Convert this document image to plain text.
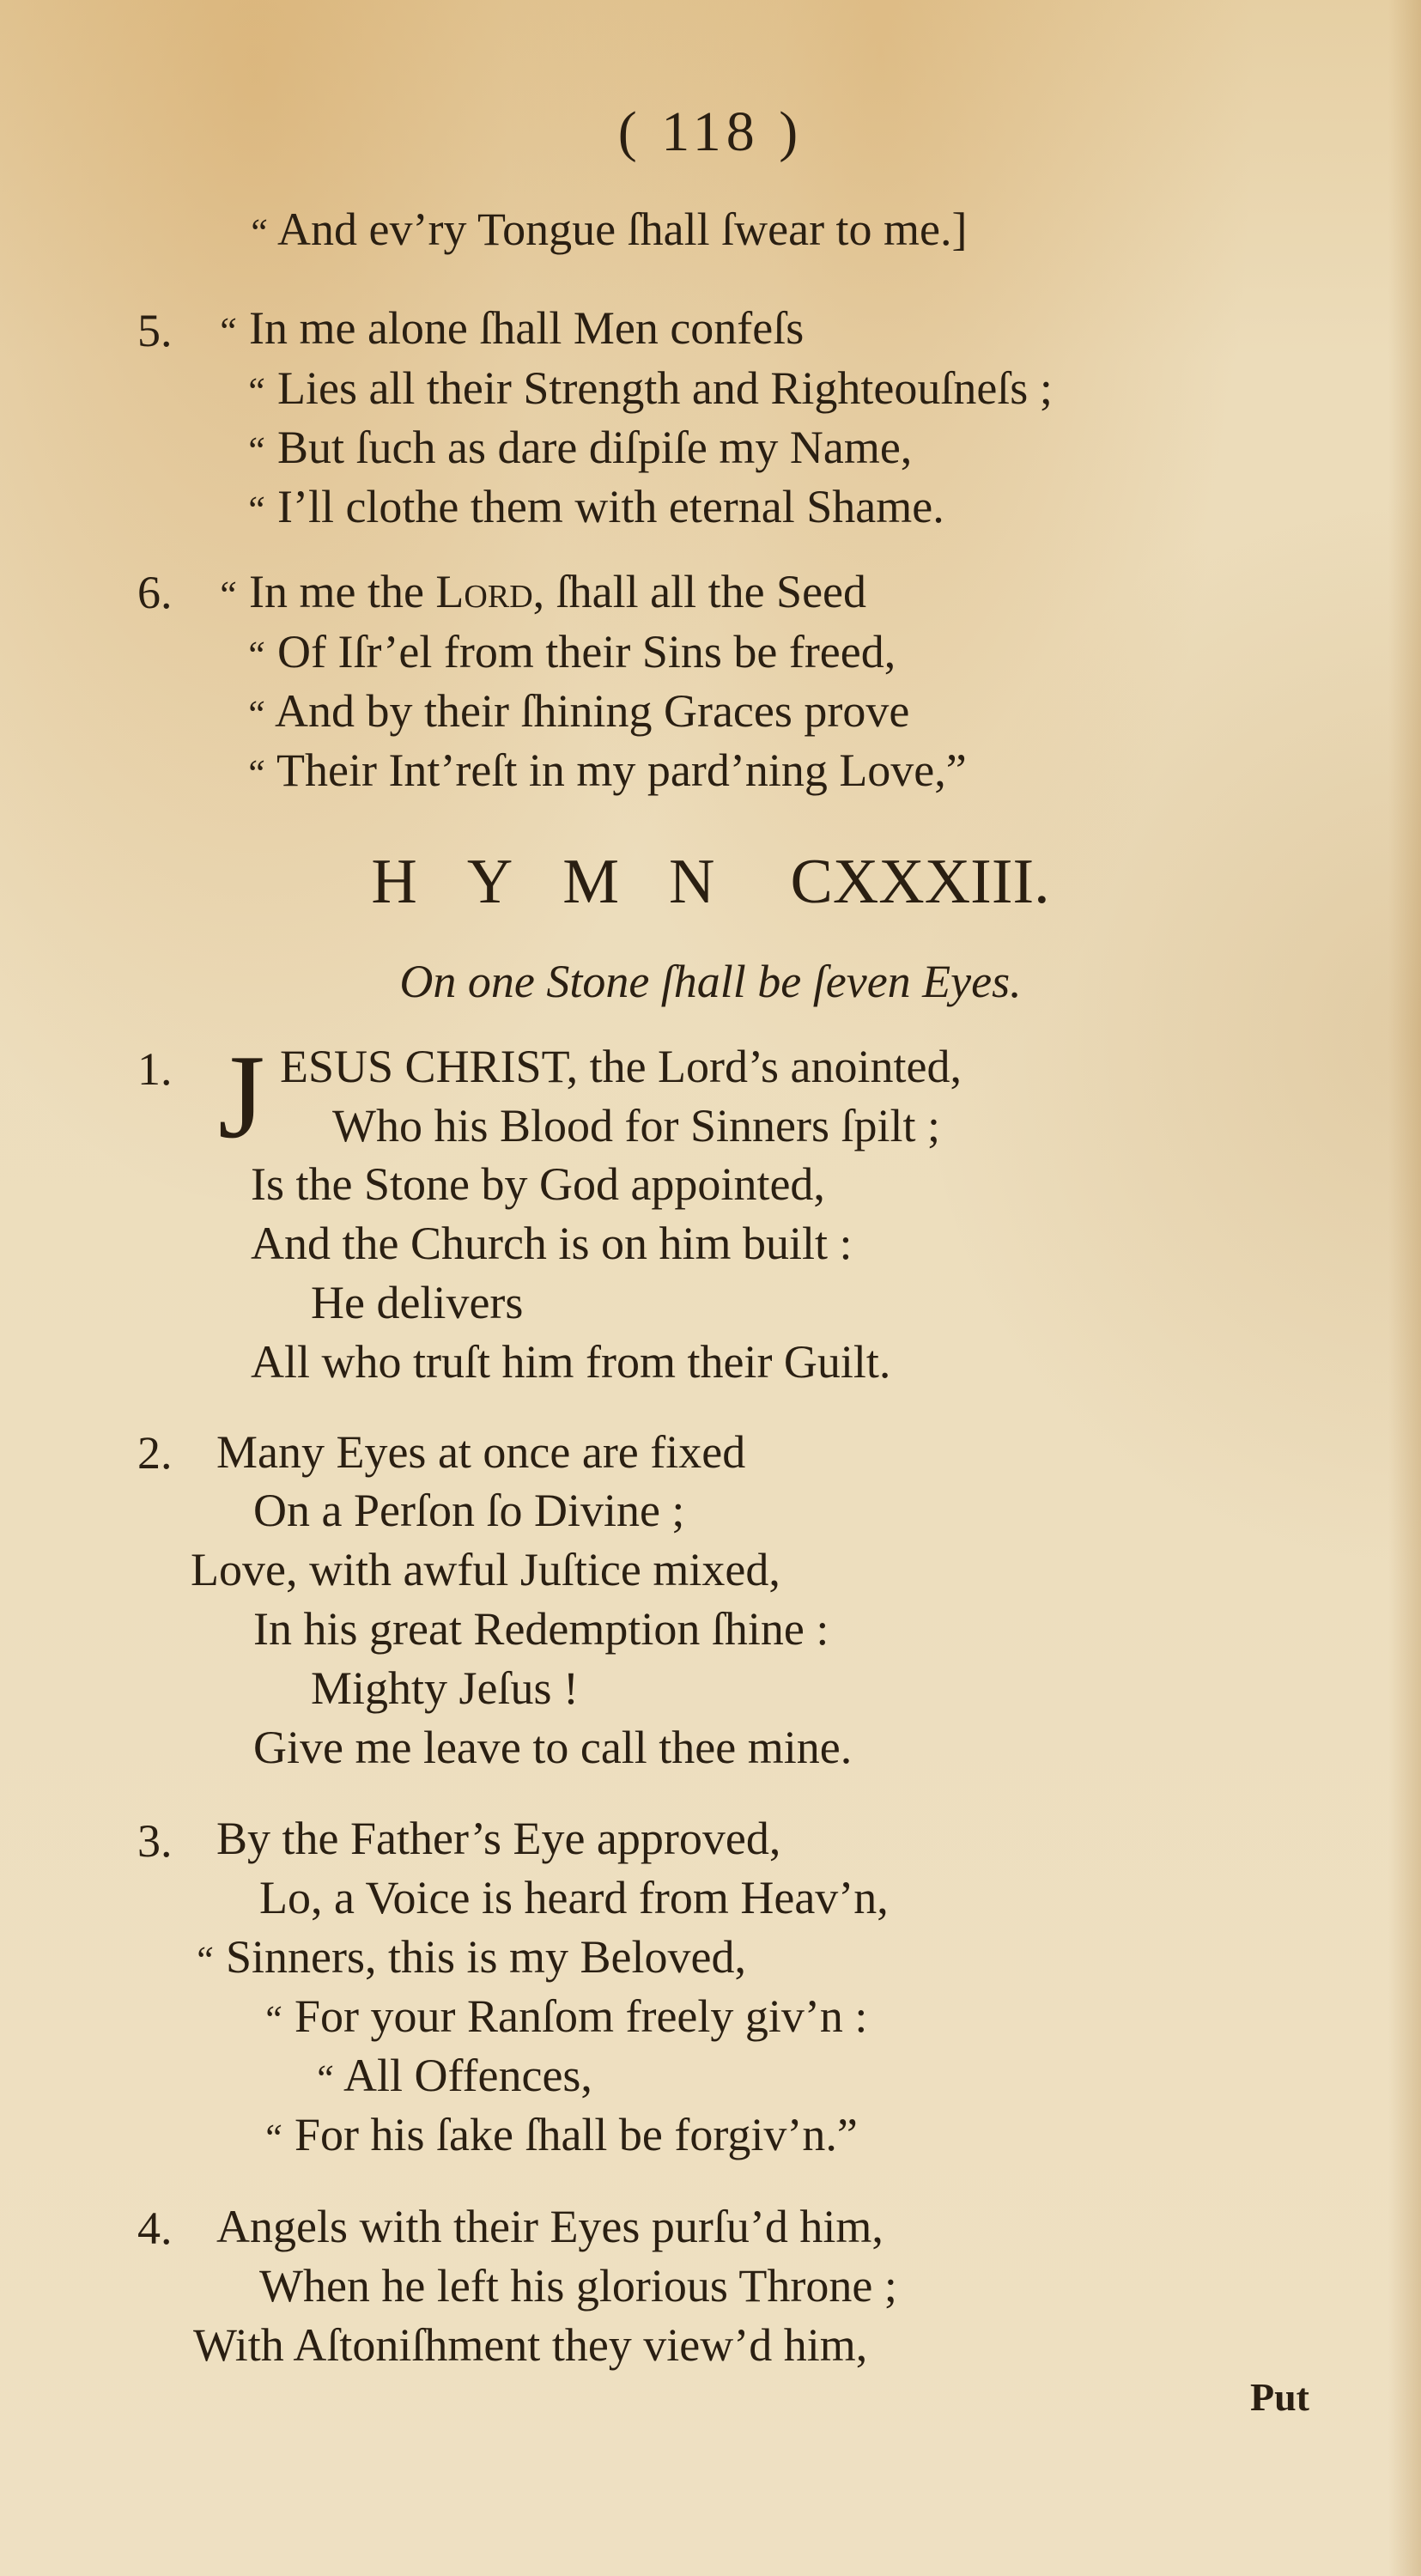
( 118 )
“ And ev’ry Tongue ſhall ſwear to me.]
5. “ In me alone ſhall Men confeſs
“ Lies all their Strength and Righteouſneſs ;
“ But ſuch as dare diſpiſe my Name,
“ I’ll clothe them with eternal Shame.
6. “ In me the Lord, ſhall all the Seed
“ Of Iſr’el from their Sins be freed,
“ And by their ſhining Graces prove
“ Their Int’reſt in my pard’ning Love,”
HYMN CXXXIII.
On one Stone ſhall be ſeven Eyes.
1. J ESUS CHRIST, the Lord’s anointed,
Who his Blood for Sinners ſpilt ;
Is the Stone by God appointed,
And the Church is on him built :
He delivers
All who truſt him from their Guilt.
2. Many Eyes at once are fixed
On a Perſon ſo Divine ;
Love, with awful Juſtice mixed,
In his great Redemption ſhine :
Mighty Jeſus !
Give me leave to call thee mine.
3. By the Father’s Eye approved,
Lo, a Voice is heard from Heav’n,
“ Sinners, this is my Beloved,
“ For your Ranſom freely giv’n :
“ All Offences,
“ For his ſake ſhall be forgiv’n.”
4. Angels with their Eyes purſu’d him,
When he left his glorious Throne ;
With Aſtoniſhment they view’d him,
Put
